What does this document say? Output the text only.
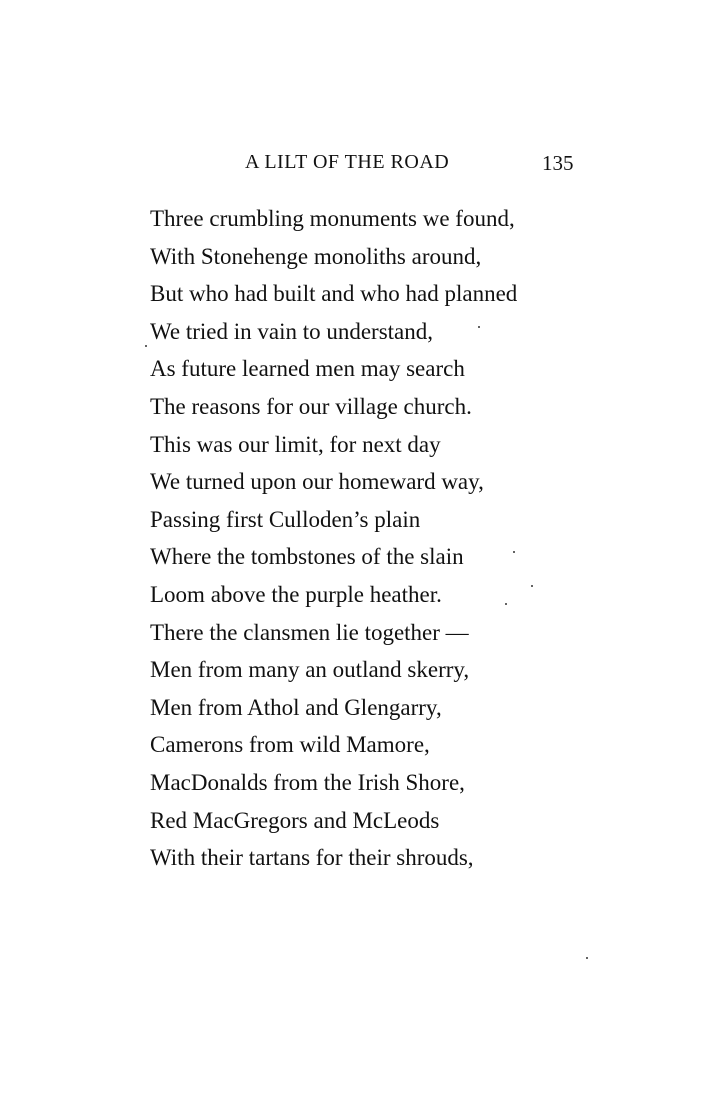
A LILT OF THE ROAD	135
Three crumbling monuments we found,
With Stonehenge monoliths around,
But who had built and who had planned
We tried in vain to understand,
As future learned men may search
The reasons for our village church.
This was our limit, for next day
We turned upon our homeward way,
Passing first Culloden’s plain
Where the tombstones of the slain
Loom above the purple heather.
There the clansmen lie together —
Men from many an outland skerry,
Men from Athol and Glengarry,
Camerons from wild Mamore,
MacDonalds from the Irish Shore,
Red MacGregors and McLeods
With their tartans for their shrouds,
